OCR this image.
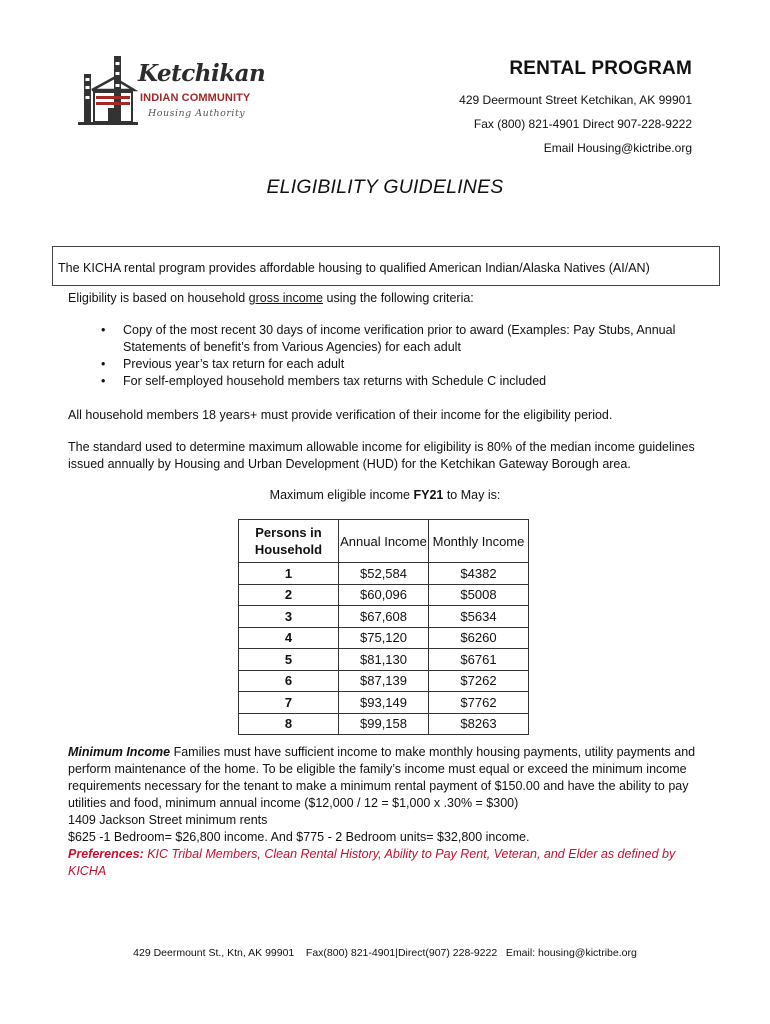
Ketchikan
INDIAN COMMUNITY
Housing Authority
RENTAL PROGRAM
429 Deermount Street Ketchikan, AK 99901
Fax (800) 821-4901 Direct 907-228-9222
Email Housing@kictribe.org
ELIGIBILITY GUIDELINES
The KICHA rental program provides affordable housing to qualified American Indian/Alaska Natives (AI/AN)
Eligibility is based on household gross income using the following criteria:
• Copy of the most recent 30 days of income verification prior to award (Examples: Pay Stubs, Annual Statements of benefit’s from Various Agencies) for each adult
• Previous year’s tax return for each adult
• For self-employed household members tax returns with Schedule C included
All household members 18 years+ must provide verification of their income for the eligibility period.
The standard used to determine maximum allowable income for eligibility is 80% of the median income guidelines issued annually by Housing and Urban Development (HUD) for the Ketchikan Gateway Borough area.
Maximum eligible income FY21 to May is:
Persons in Household	Annual Income	Monthly Income
1	$52,584	$4382
2	$60,096	$5008
3	$67,608	$5634
4	$75,120	$6260
5	$81,130	$6761
6	$87,139	$7262
7	$93,149	$7762
8	$99,158	$8263
Minimum Income Families must have sufficient income to make monthly housing payments, utility payments and perform maintenance of the home. To be eligible the family’s income must equal or exceed the minimum income requirements necessary for the tenant to make a minimum rental payment of $150.00 and have the ability to pay utilities and food, minimum annual income ($12,000 / 12 = $1,000 x .30% = $300)
1409 Jackson Street minimum rents
$625 -1 Bedroom= $26,800 income. And $775 - 2 Bedroom units= $32,800 income.
Preferences: KIC Tribal Members, Clean Rental History, Ability to Pay Rent, Veteran, and Elder as defined by KICHA
429 Deermount St., Ktn, AK 99901    Fax(800) 821-4901|Direct(907) 228-9222   Email: housing@kictribe.org
